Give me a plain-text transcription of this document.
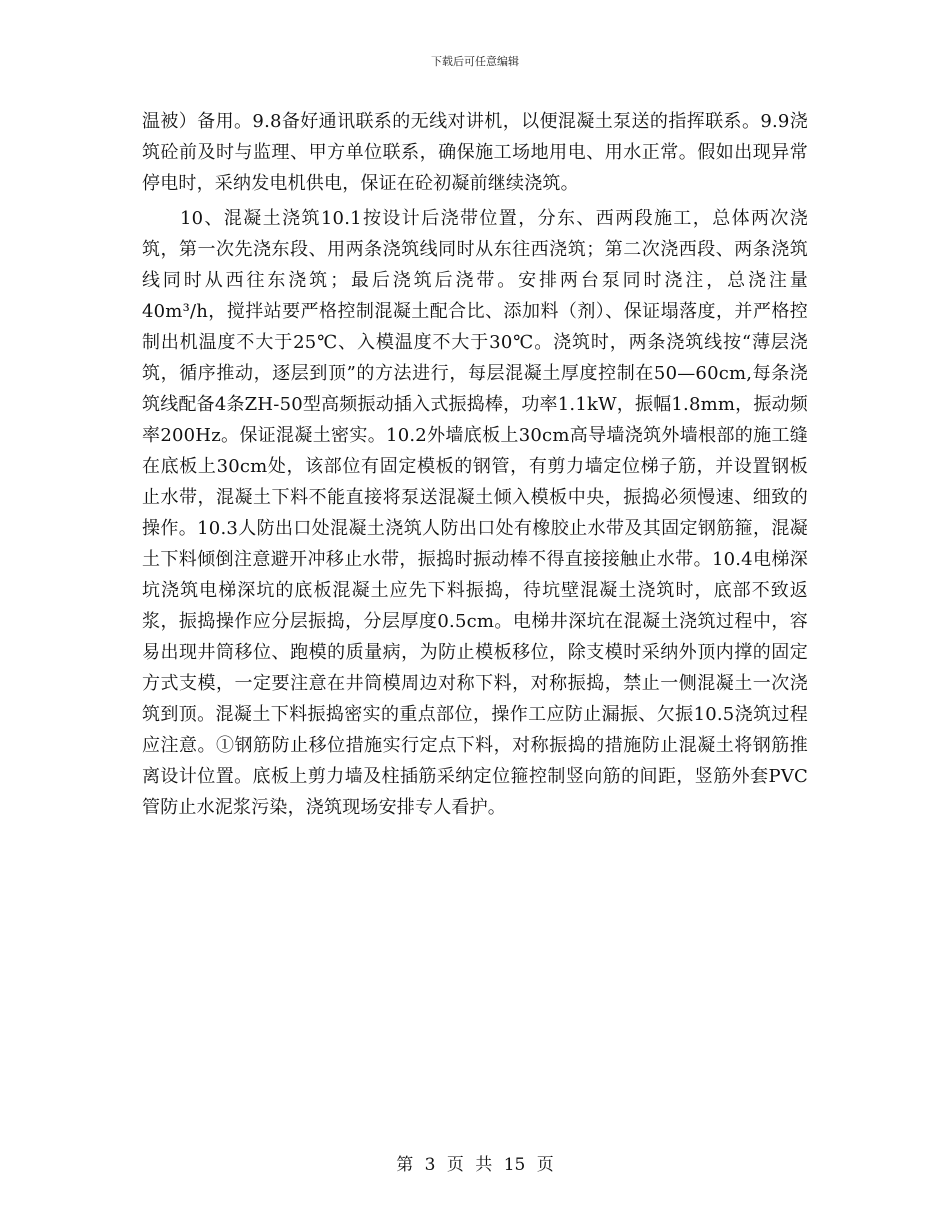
下载后可任意编辑

温被）备用。9.8备好通讯联系的无线对讲机，以便混凝土泵送的指挥联系。9.9浇筑砼前及时与监理、甲方单位联系，确保施工场地用电、用水正常。假如出现异常停电时，采纳发电机供电，保证在砼初凝前继续浇筑。

10、混凝土浇筑10.1按设计后浇带位置，分东、西两段施工，总体两次浇筑，第一次先浇东段、用两条浇筑线同时从东往西浇筑；第二次浇西段、两条浇筑线同时从西往东浇筑；最后浇筑后浇带。安排两台泵同时浇注，总浇注量40m³/h，搅拌站要严格控制混凝土配合比、添加料（剂）、保证塌落度，并严格控制出机温度不大于25℃、入模温度不大于30℃。浇筑时，两条浇筑线按“薄层浇筑，循序推动，逐层到顶”的方法进行，每层混凝土厚度控制在50—60cm,每条浇筑线配备4条ZH-50型高频振动插入式振捣棒，功率1.1kW，振幅1.8mm，振动频率200Hz。保证混凝土密实。10.2外墙底板上30cm高导墙浇筑外墙根部的施工缝在底板上30cm处，该部位有固定模板的钢管，有剪力墙定位梯子筋，并设置钢板止水带，混凝土下料不能直接将泵送混凝土倾入模板中央，振捣必须慢速、细致的操作。10.3人防出口处混凝土浇筑人防出口处有橡胶止水带及其固定钢筋箍，混凝土下料倾倒注意避开冲移止水带，振捣时振动棒不得直接接触止水带。10.4电梯深坑浇筑电梯深坑的底板混凝土应先下料振捣，待坑壁混凝土浇筑时，底部不致返浆，振捣操作应分层振捣，分层厚度0.5cm。电梯井深坑在混凝土浇筑过程中，容易出现井筒移位、跑模的质量病，为防止模板移位，除支模时采纳外顶内撑的固定方式支模，一定要注意在井筒模周边对称下料，对称振捣，禁止一侧混凝土一次浇筑到顶。混凝土下料振捣密实的重点部位，操作工应防止漏振、欠振10.5浇筑过程应注意。①钢筋防止移位措施实行定点下料，对称振捣的措施防止混凝土将钢筋推离设计位置。底板上剪力墙及柱插筋采纳定位箍控制竖向筋的间距，竖筋外套PVC管防止水泥浆污染，浇筑现场安排专人看护。

第 3 页 共 15 页
